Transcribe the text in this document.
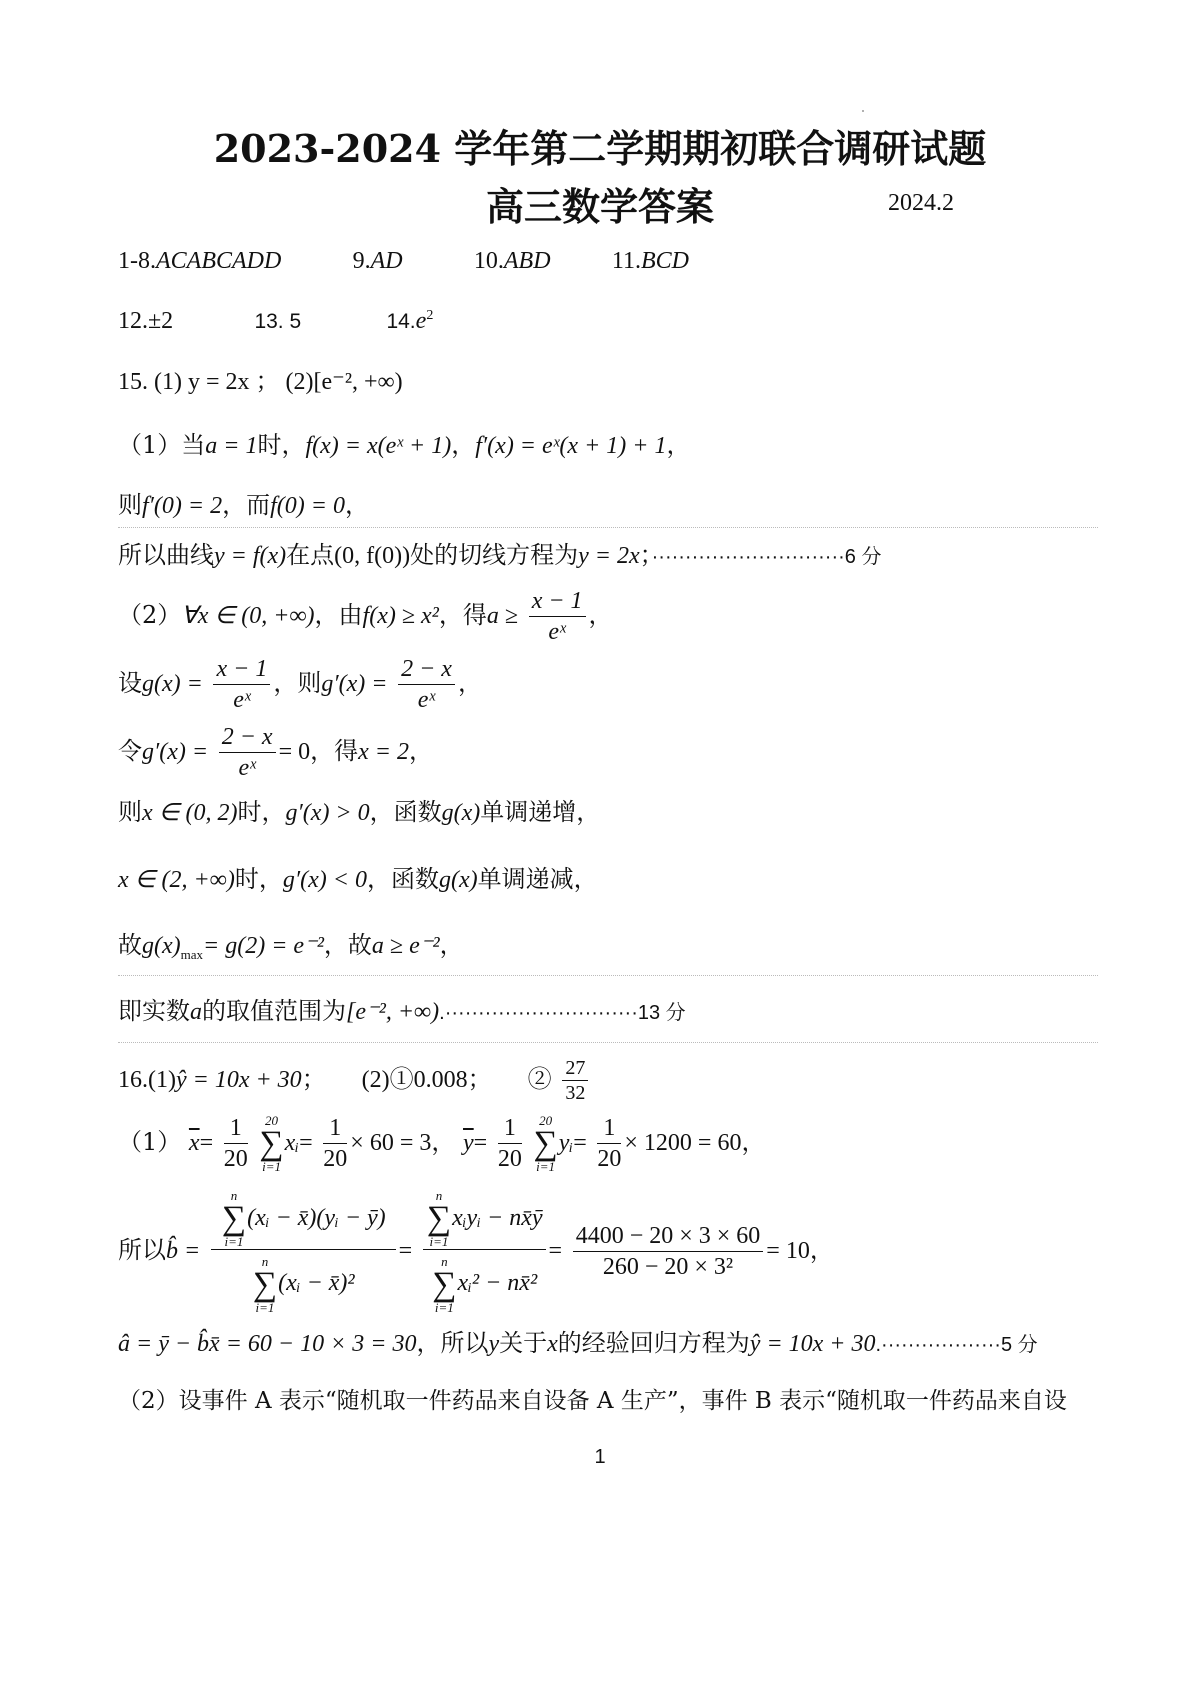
2023-2024 学年第二学期期初联合调研试题
高三数学答案	2024.2
1-8.ACABCADD	9.AD	10.ABD	11.BCD
12.±2	13. 5	$14.e^2$
15. (1) y = 2x ； (2)[e⁻², +∞)
（1）当a = 1时，f(x) = x(eˣ + 1)，f′(x) = eˣ(x + 1) + 1，
则f′(0) = 2，而f(0) = 0，
所以曲线y = f(x)在点(0, f(0))处的切线方程为y = 2x；·····························6 分
（2）∀x ∈ (0, +∞)，由f(x) ≥ x²，得$a \ge \frac{x - 1}{\text{eˣ}}$ ，
设$g(x) = \frac{x - 1}{\text{eˣ}}$ ，则$g'(x) = \frac{2 - x}{\text{eˣ}}$ ，
令$g'(x) = \frac{2 - x}{\text{eˣ}} = 0$，得x = 2，
则x ∈ (0, 2)时，g′(x) > 0，函数g(x)单调递增，
x ∈ (2, +∞)时，g′(x) < 0，函数g(x)单调递减，
故$g(x)_{max}= g(2) = e^{-2}$，故a ≥ e⁻²，
即实数a的取值范围为[e⁻², +∞).·····························13 分
16.(1)ŷ = 10x + 30；　　(2)①0.008；　　② $\frac{27}{32}$
（1） $\overline{x}= \frac{1}{20}$
	20
∑
i=1
xᵢ= $\frac{1}{20} \times 60 = 3$， $\overline{y}= \frac{1}{20}$
	20
∑
i=1
yᵢ= $\frac{1}{20} \times 1200 = 60$，
所以b̂ = n
∑
i=1
(xᵢ − x̄)(yᵢ − ȳ)
n
∑
i=1
(xᵢ − x̄)² = n
∑
i=1
xᵢyᵢ − nx̄ȳ
n
∑
i=1
xᵢ² − nx̄² = $\frac{4400 - 20 \times 3 \times 60}{\text{260 − 20 × 3²}} = 10$，
â = ȳ − b̂x̄ = 60 − 10 × 3 = 30，所以y关于x的经验回归方程为ŷ = 10x + 30.··················5 分
（2）设事件 A 表示“随机取一件药品来自设备 A 生产”，事件 B 表示“随机取一件药品来自设
1
